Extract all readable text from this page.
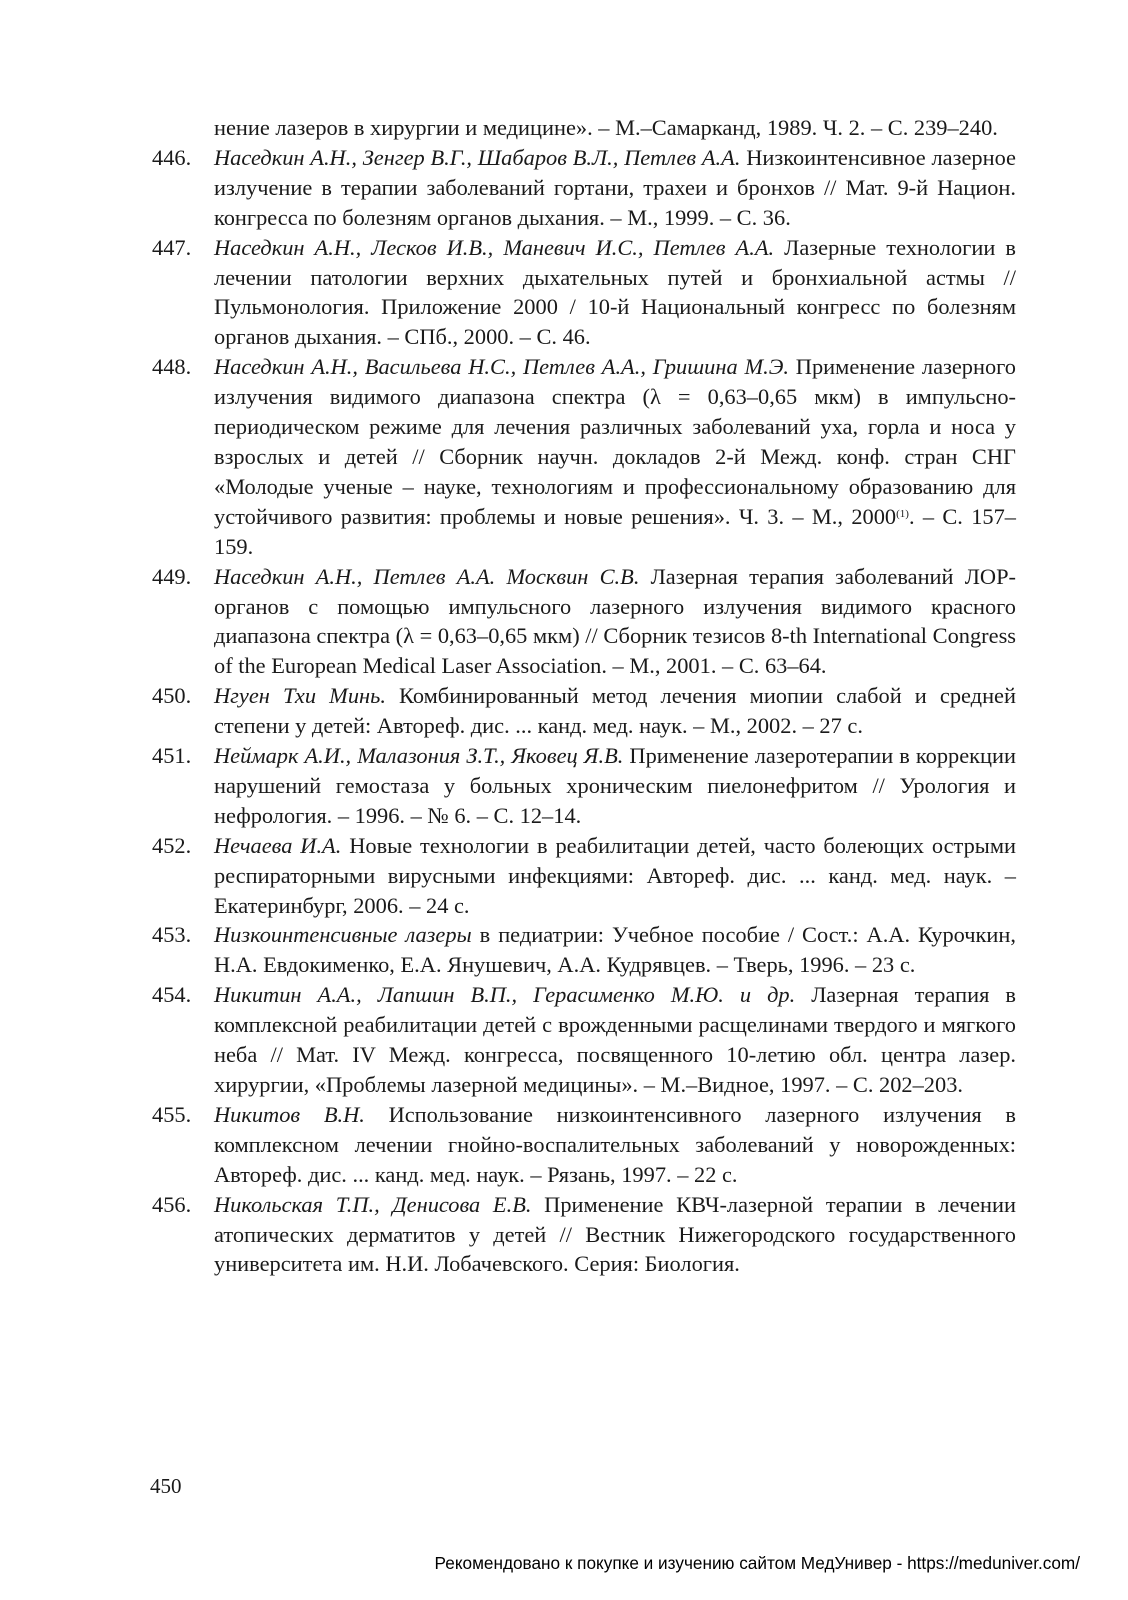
нение лазеров в хирургии и медицине». – М.–Самарканд, 1989. Ч. 2. – С. 239–240.
446. Наседкин А.Н., Зенгер В.Г., Шабаров В.Л., Петлев А.А. Низкоинтенсивное лазерное излучение в терапии заболеваний гортани, трахеи и бронхов // Мат. 9-й Национ. конгресса по болезням органов дыхания. – М., 1999. – С. 36.
447. Наседкин А.Н., Лесков И.В., Маневич И.С., Петлев А.А. Лазерные технологии в лечении патологии верхних дыхательных путей и бронхиальной астмы // Пульмонология. Приложение 2000 / 10-й Национальный конгресс по болезням органов дыхания. – СПб., 2000. – С. 46.
448. Наседкин А.Н., Васильева Н.С., Петлев А.А., Гришина М.Э. Применение лазерного излучения видимого диапазона спектра (λ = 0,63–0,65 мкм) в импульсно-периодическом режиме для лечения различных заболеваний уха, горла и носа у взрослых и детей // Сборник научн. докладов 2-й Межд. конф. стран СНГ «Молодые ученые – науке, технологиям и профессиональному образованию для устойчивого развития: проблемы и новые решения». Ч. 3. – М., 2000$^{(1)}$. – С. 157–159.
449. Наседкин А.Н., Петлев А.А. Москвин С.В. Лазерная терапия заболеваний ЛОР-органов с помощью импульсного лазерного излучения видимого красного диапазона спектра (λ = 0,63–0,65 мкм) // Сборник тезисов 8-th International Congress of the European Medical Laser Association. – М., 2001. – С. 63–64.
450. Нгуен Тхи Минь. Комбинированный метод лечения миопии слабой и средней степени у детей: Автореф. дис. ... канд. мед. наук. – М., 2002. – 27 с.
451. Неймарк А.И., Малазония З.Т., Яковец Я.В. Применение лазеротерапии в коррекции нарушений гемостаза у больных хроническим пиелонефритом // Урология и нефрология. – 1996. – № 6. – С. 12–14.
452. Нечаева И.А. Новые технологии в реабилитации детей, часто болеющих острыми респираторными вирусными инфекциями: Автореф. дис. ... канд. мед. наук. – Екатеринбург, 2006. – 24 с.
453. Низкоинтенсивные лазеры в педиатрии: Учебное пособие / Сост.: А.А. Курочкин, Н.А. Евдокименко, Е.А. Янушевич, А.А. Кудрявцев. – Тверь, 1996. – 23 с.
454. Никитин А.А., Лапшин В.П., Герасименко М.Ю. и др. Лазерная терапия в комплексной реабилитации детей с врожденными расщелинами твердого и мягкого неба // Мат. IV Межд. конгресса, посвященного 10-летию обл. центра лазер. хирургии, «Проблемы лазерной медицины». – М.–Видное, 1997. – С. 202–203.
455. Никитов В.Н. Использование низкоинтенсивного лазерного излучения в комплексном лечении гнойно-воспалительных заболеваний у новорожденных: Автореф. дис. ... канд. мед. наук. – Рязань, 1997. – 22 с.
456. Никольская Т.П., Денисова Е.В. Применение КВЧ-лазерной терапии в лечении атопических дерматитов у детей // Вестник Нижегородского государственного университета им. Н.И. Лобачевского. Серия: Биология.
450
Рекомендовано к покупке и изучению сайтом МедУнивер - https://meduniver.com/
